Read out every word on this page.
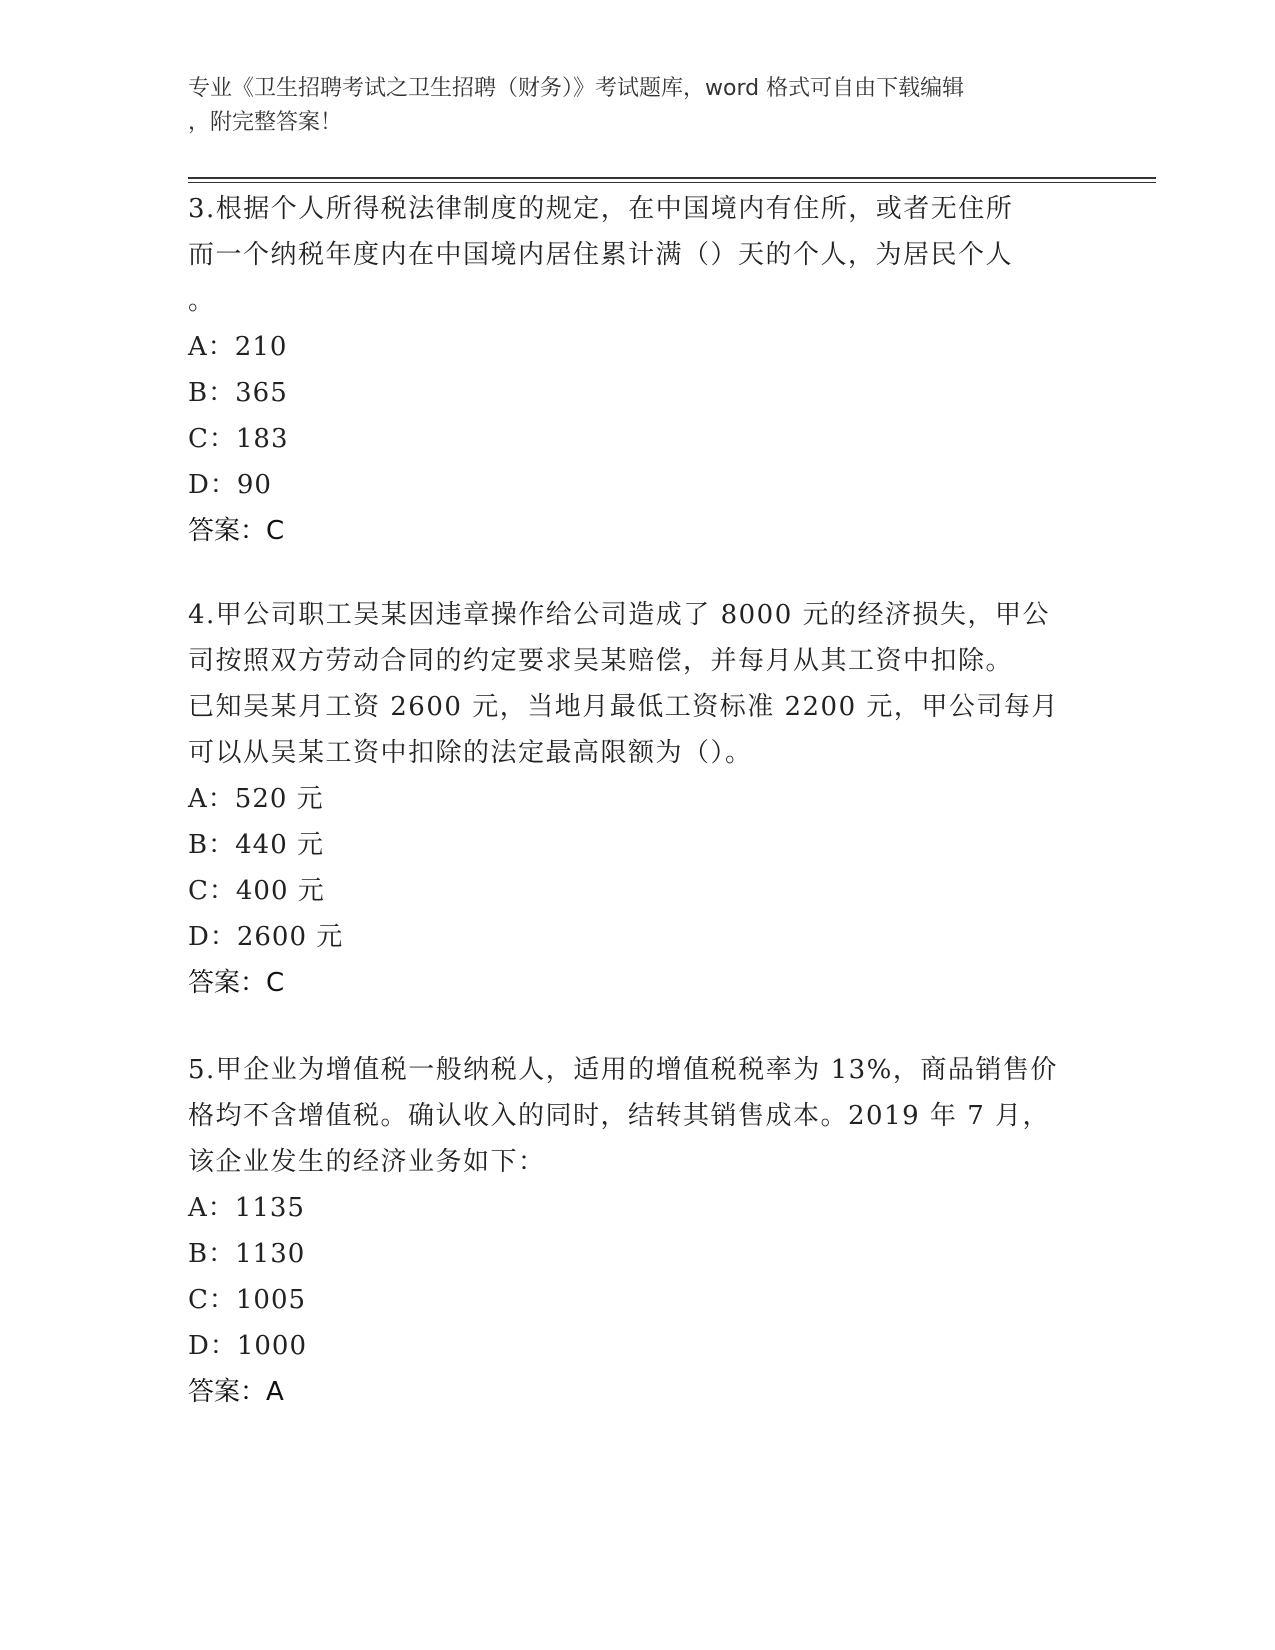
专业《卫生招聘考试之卫生招聘（财务）》考试题库，word 格式可自由下载编辑
，附完整答案！
3.根据个人所得税法律制度的规定，在中国境内有住所，或者无住所
而一个纳税年度内在中国境内居住累计满（）天的个人，为居民个人
。
A：210
B：365
C：183
D：90
答案：C
4.甲公司职工吴某因违章操作给公司造成了 8000 元的经济损失，甲公
司按照双方劳动合同的约定要求吴某赔偿，并每月从其工资中扣除。
已知吴某月工资 2600 元，当地月最低工资标准 2200 元，甲公司每月
可以从吴某工资中扣除的法定最高限额为（）。
A：520 元
B：440 元
C：400 元
D：2600 元
答案：C
5.甲企业为增值税一般纳税人，适用的增值税税率为 13%，商品销售价
格均不含增值税。确认收入的同时，结转其销售成本。2019 年 7 月，
该企业发生的经济业务如下：
A：1135
B：1130
C：1005
D：1000
答案：A
